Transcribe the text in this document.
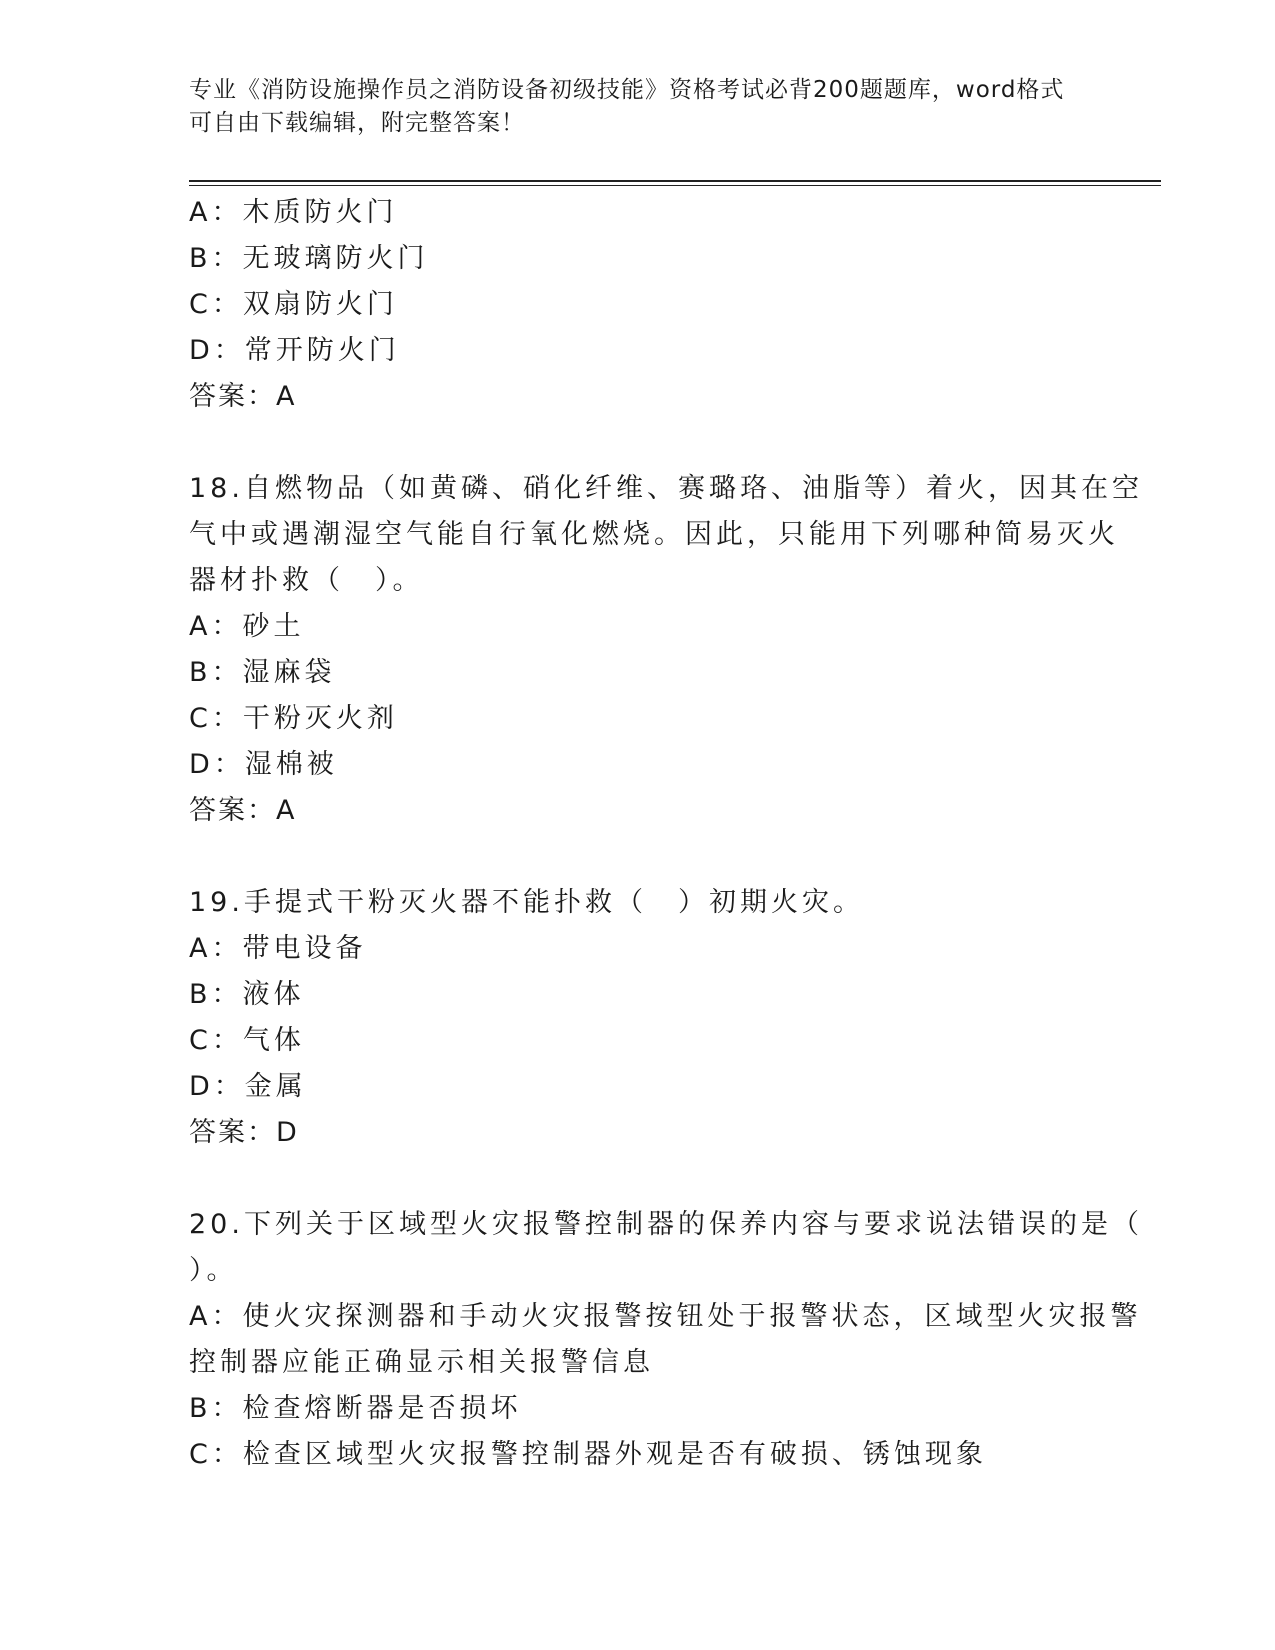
专业《消防设施操作员之消防设备初级技能》资格考试必背200题题库，word格式可自由下载编辑，附完整答案！
A：木质防火门
B：无玻璃防火门
C：双扇防火门
D：常开防火门
答案：A
18.自燃物品（如黄磷、硝化纤维、赛璐珞、油脂等）着火，因其在空
气中或遇潮湿空气能自行氧化燃烧。因此，只能用下列哪种简易灭火
器材扑救（　）。
A：砂土
B：湿麻袋
C：干粉灭火剂
D：湿棉被
答案：A
19.手提式干粉灭火器不能扑救（　）初期火灾。
A：带电设备
B：液体
C：气体
D：金属
答案：D
20.下列关于区域型火灾报警控制器的保养内容与要求说法错误的是（
）。
A：使火灾探测器和手动火灾报警按钮处于报警状态，区域型火灾报警
控制器应能正确显示相关报警信息
B：检查熔断器是否损坏
C：检查区域型火灾报警控制器外观是否有破损、锈蚀现象
